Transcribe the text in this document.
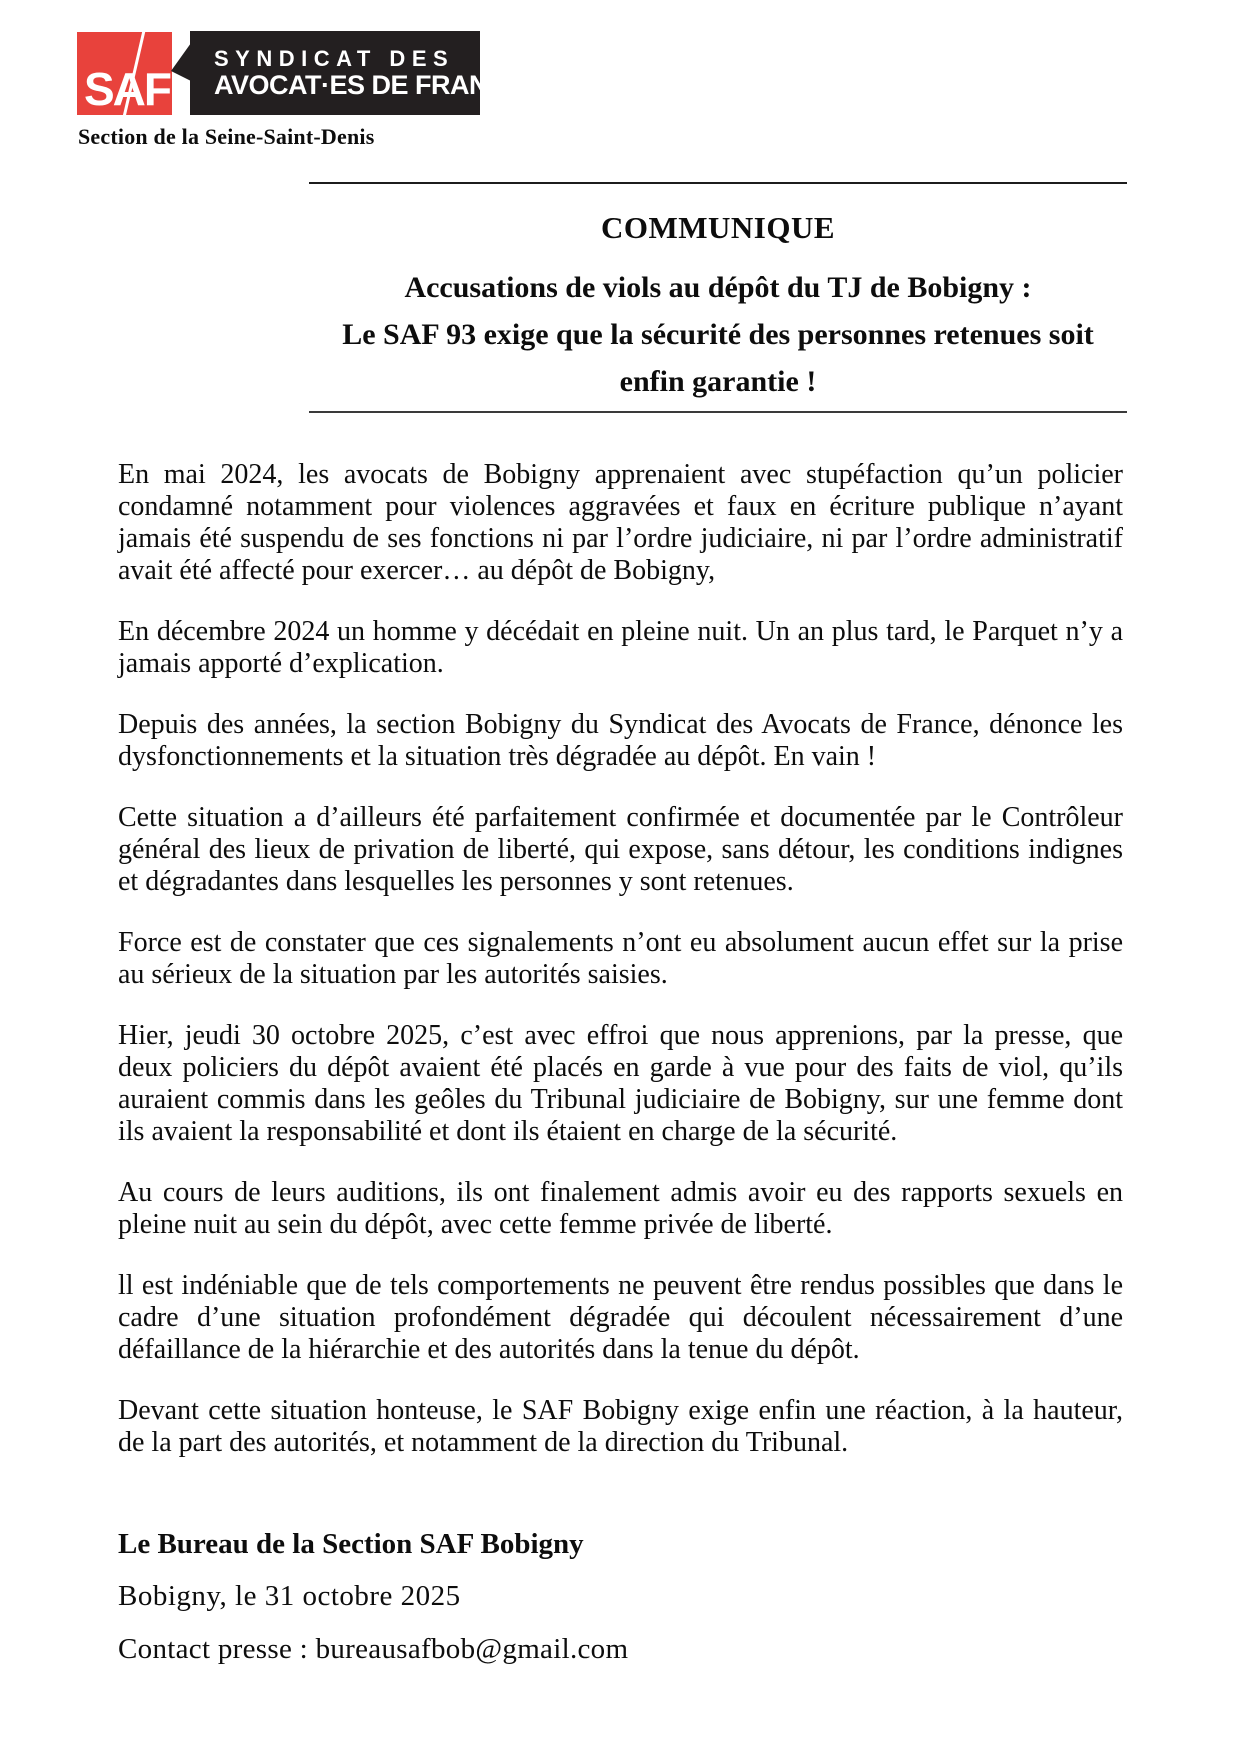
SAF
SYNDICAT DES
AVOCAT·ES DE FRANCE
Section de la Seine-Saint-Denis
COMMUNIQUE
Accusations de viols au dépôt du TJ de Bobigny :
Le SAF 93 exige que la sécurité des personnes retenues soit
enfin garantie !

En mai 2024, les avocats de Bobigny apprenaient avec stupéfaction qu’un policier condamné notamment pour violences aggravées et faux en écriture publique n’ayant jamais été suspendu de ses fonctions ni par l’ordre judiciaire, ni par l’ordre administratif avait été affecté pour exercer… au dépôt de Bobigny,

En décembre 2024 un homme y décédait en pleine nuit. Un an plus tard, le Parquet n’y a jamais apporté d’explication.

Depuis des années, la section Bobigny du Syndicat des Avocats de France, dénonce les dysfonctionnements et la situation très dégradée au dépôt. En vain !

Cette situation a d’ailleurs été parfaitement confirmée et documentée par le Contrôleur général des lieux de privation de liberté, qui expose, sans détour, les conditions indignes et dégradantes dans lesquelles les personnes y sont retenues.

Force est de constater que ces signalements n’ont eu absolument aucun effet sur la prise au sérieux de la situation par les autorités saisies.

Hier, jeudi 30 octobre 2025, c’est avec effroi que nous apprenions, par la presse, que deux policiers du dépôt avaient été placés en garde à vue pour des faits de viol, qu’ils auraient commis dans les geôles du Tribunal judiciaire de Bobigny, sur une femme dont ils avaient la responsabilité et dont ils étaient en charge de la sécurité.

Au cours de leurs auditions, ils ont finalement admis avoir eu des rapports sexuels en pleine nuit au sein du dépôt, avec cette femme privée de liberté.

ll est indéniable que de tels comportements ne peuvent être rendus possibles que dans le cadre d’une situation profondément dégradée qui découlent nécessairement d’une défaillance de la hiérarchie et des autorités dans la tenue du dépôt.

Devant cette situation honteuse, le SAF Bobigny exige enfin une réaction, à la hauteur, de la part des autorités, et notamment de la direction du Tribunal.

Le Bureau de la Section SAF Bobigny
Bobigny, le 31 octobre 2025
Contact presse : bureausafbob@gmail.com
